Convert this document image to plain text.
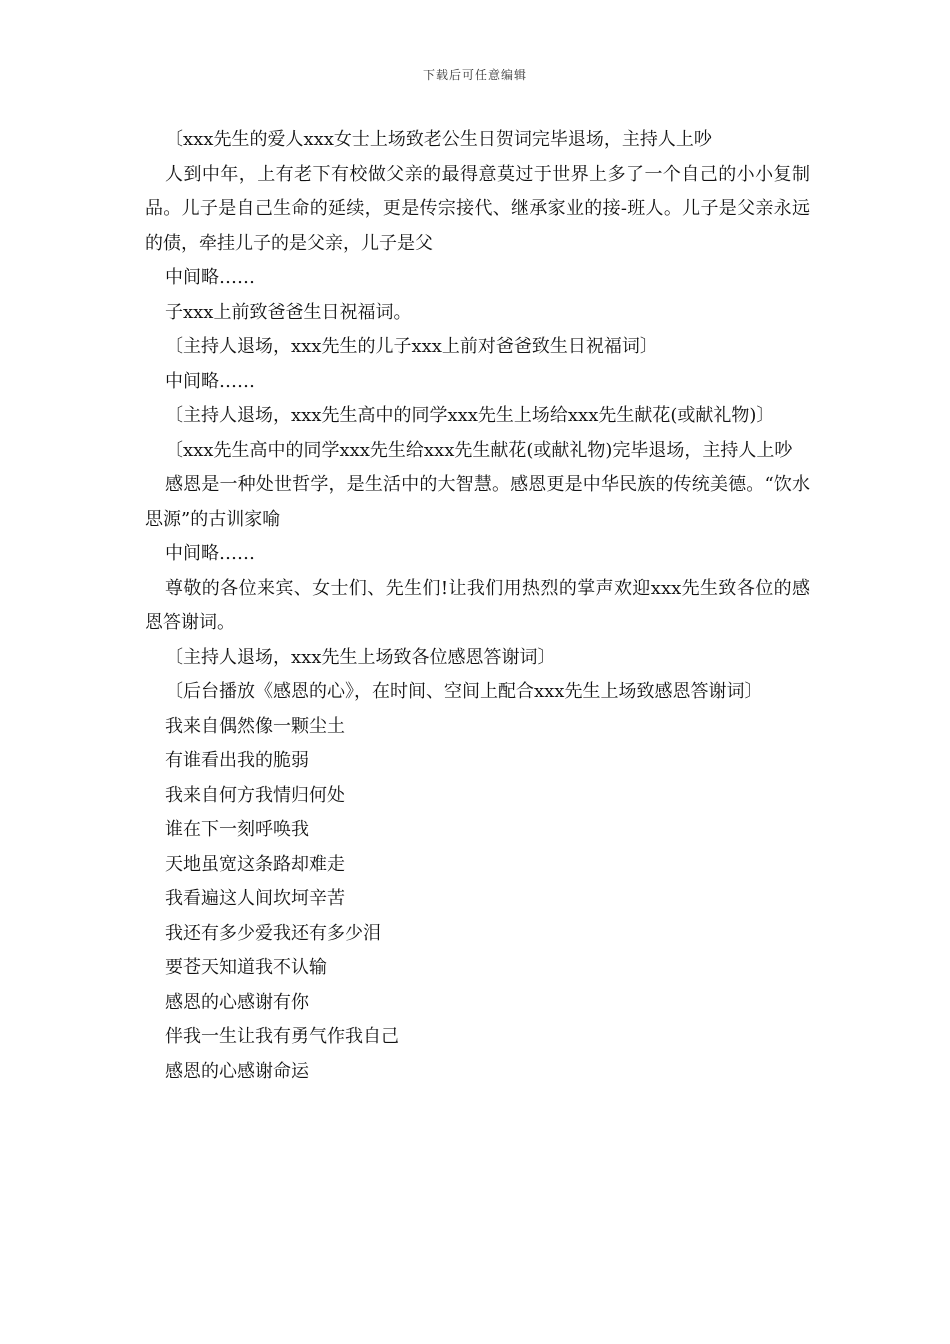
下载后可任意编辑

〔xxx先生的爱人xxx女士上场致老公生日贺词完毕退场，主持人上吵

人到中年，上有老下有校做父亲的最得意莫过于世界上多了一个自己的小小复制品。儿子是自己生命的延续，更是传宗接代、继承家业的接-班人。儿子是父亲永远的债，牵挂儿子的是父亲，儿子是父

中间略……

子xxx上前致爸爸生日祝福词。

〔主持人退场，xxx先生的儿子xxx上前对爸爸致生日祝福词〕

中间略……

〔主持人退场，xxx先生高中的同学xxx先生上场给xxx先生献花(或献礼物)〕

〔xxx先生高中的同学xxx先生给xxx先生献花(或献礼物)完毕退场，主持人上吵

感恩是一种处世哲学，是生活中的大智慧。感恩更是中华民族的传统美德。“饮水思源”的古训家喻

中间略……

尊敬的各位来宾、女士们、先生们!让我们用热烈的掌声欢迎xxx先生致各位的感恩答谢词。

〔主持人退场，xxx先生上场致各位感恩答谢词〕

〔后台播放《感恩的心》，在时间、空间上配合xxx先生上场致感恩答谢词〕

我来自偶然像一颗尘土

有谁看出我的脆弱

我来自何方我情归何处

谁在下一刻呼唤我

天地虽宽这条路却难走

我看遍这人间坎坷辛苦

我还有多少爱我还有多少泪

要苍天知道我不认输

感恩的心感谢有你

伴我一生让我有勇气作我自己

感恩的心感谢命运
